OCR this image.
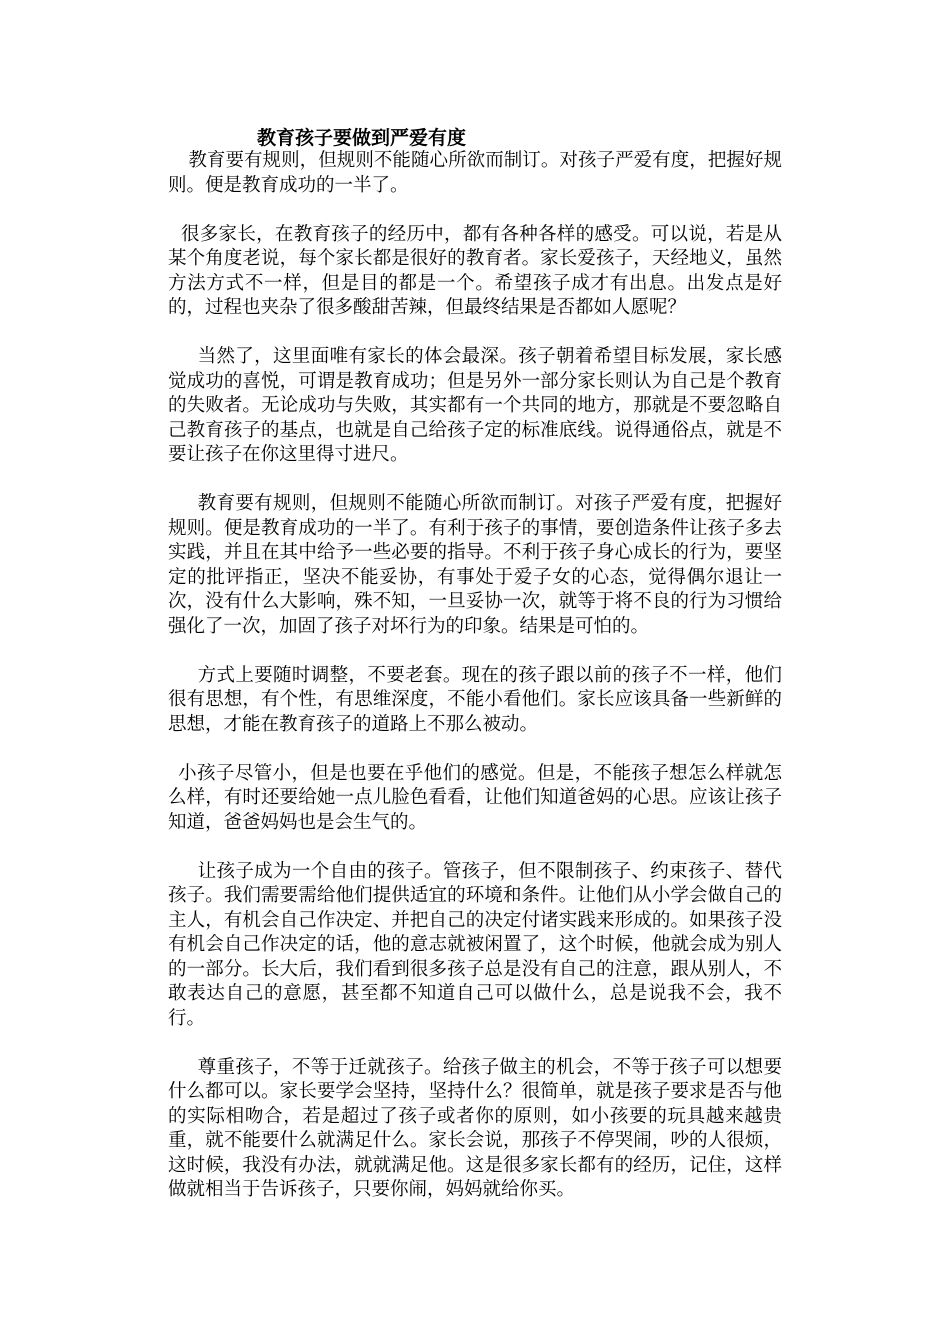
教育孩子要做到严爱有度

教育要有规则，但规则不能随心所欲而制订。对孩子严爱有度，把握好规则。便是教育成功的一半了。

很多家长，在教育孩子的经历中，都有各种各样的感受。可以说，若是从某个角度老说，每个家长都是很好的教育者。家长爱孩子，天经地义，虽然方法方式不一样，但是目的都是一个。希望孩子成才有出息。出发点是好的，过程也夹杂了很多酸甜苦辣，但最终结果是否都如人愿呢？

当然了，这里面唯有家长的体会最深。孩子朝着希望目标发展，家长感觉成功的喜悦，可谓是教育成功；但是另外一部分家长则认为自己是个教育的失败者。无论成功与失败，其实都有一个共同的地方，那就是不要忽略自己教育孩子的基点，也就是自己给孩子定的标准底线。说得通俗点，就是不要让孩子在你这里得寸进尺。

教育要有规则，但规则不能随心所欲而制订。对孩子严爱有度，把握好规则。便是教育成功的一半了。有利于孩子的事情，要创造条件让孩子多去实践，并且在其中给予一些必要的指导。不利于孩子身心成长的行为，要坚定的批评指正，坚决不能妥协，有事处于爱子女的心态，觉得偶尔退让一次，没有什么大影响，殊不知，一旦妥协一次，就等于将不良的行为习惯给强化了一次，加固了孩子对坏行为的印象。结果是可怕的。

方式上要随时调整，不要老套。现在的孩子跟以前的孩子不一样，他们很有思想，有个性，有思维深度，不能小看他们。家长应该具备一些新鲜的思想，才能在教育孩子的道路上不那么被动。

小孩子尽管小，但是也要在乎他们的感觉。但是，不能孩子想怎么样就怎么样，有时还要给她一点儿脸色看看，让他们知道爸妈的心思。应该让孩子知道，爸爸妈妈也是会生气的。

让孩子成为一个自由的孩子。管孩子，但不限制孩子、约束孩子、替代孩子。我们需要需给他们提供适宜的环境和条件。让他们从小学会做自己的主人，有机会自己作决定、并把自己的决定付诸实践来形成的。如果孩子没有机会自己作决定的话，他的意志就被闲置了，这个时候，他就会成为别人的一部分。长大后，我们看到很多孩子总是没有自己的注意，跟从别人，不敢表达自己的意愿，甚至都不知道自己可以做什么，总是说我不会，我不行。

尊重孩子，不等于迁就孩子。给孩子做主的机会，不等于孩子可以想要什么都可以。家长要学会坚持，坚持什么？很简单，就是孩子要求是否与他的实际相吻合，若是超过了孩子或者你的原则，如小孩要的玩具越来越贵重，就不能要什么就满足什么。家长会说，那孩子不停哭闹，吵的人很烦，这时候，我没有办法，就就满足他。这是很多家长都有的经历，记住，这样做就相当于告诉孩子，只要你闹，妈妈就给你买。
